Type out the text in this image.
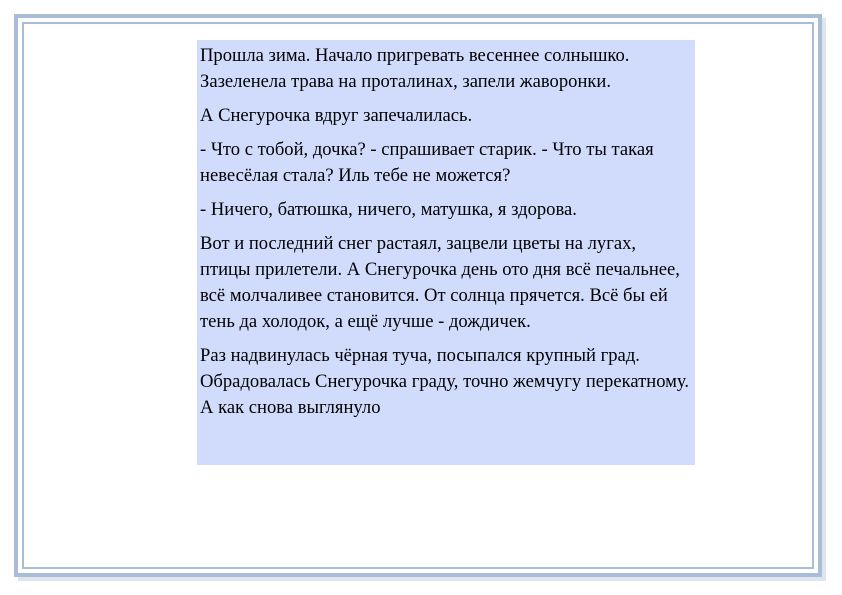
Прошла зима. Начало пригревать весеннее солнышко. Зазеленела трава на проталинах, запели жаворонки.

А Снегурочка вдруг запечалилась.

- Что с тобой, дочка? - спрашивает старик. - Что ты такая невесёлая стала? Иль тебе не можется?

- Ничего, батюшка, ничего, матушка, я здорова.

Вот и последний снег растаял, зацвели цветы на лугах, птицы прилетели. А Снегурочка день ото дня всё печальнее, всё молчаливее становится. От солнца прячется. Всё бы ей тень да холодок, а ещё лучше - дождичек.

Раз надвинулась чёрная туча, посыпался крупный град. Обрадовалась Снегурочка граду, точно жемчугу перекатному. А как снова выглянуло
